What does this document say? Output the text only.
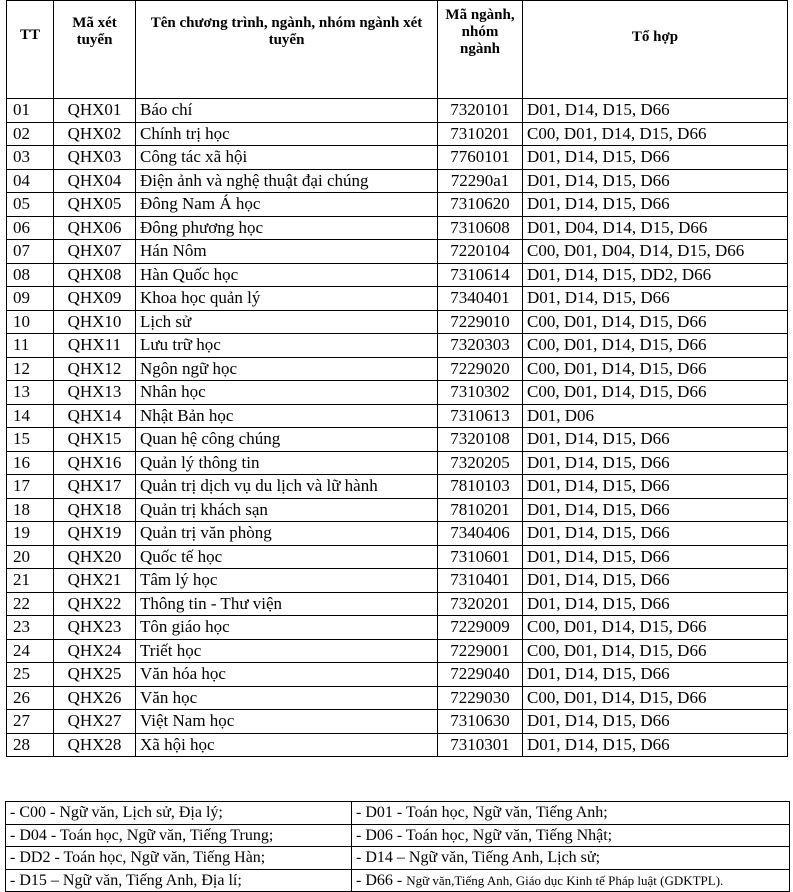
TT	Mã xét tuyển	Tên chương trình, ngành, nhóm ngành xét tuyển	Mã ngành, nhóm ngành	Tổ hợp
01	QHX01	Báo chí	7320101	D01, D14, D15, D66
02	QHX02	Chính trị học	7310201	C00, D01, D14, D15, D66
03	QHX03	Công tác xã hội	7760101	D01, D14, D15, D66
04	QHX04	Điện ảnh và nghệ thuật đại chúng	72290a1	D01, D14, D15, D66
05	QHX05	Đông Nam Á học	7310620	D01, D14, D15, D66
06	QHX06	Đông phương học	7310608	D01, D04, D14, D15, D66
07	QHX07	Hán Nôm	7220104	C00, D01, D04, D14, D15, D66
08	QHX08	Hàn Quốc học	7310614	D01, D14, D15, DD2, D66
09	QHX09	Khoa học quản lý	7340401	D01, D14, D15, D66
10	QHX10	Lịch sử	7229010	C00, D01, D14, D15, D66
11	QHX11	Lưu trữ học	7320303	C00, D01, D14, D15, D66
12	QHX12	Ngôn ngữ học	7229020	C00, D01, D14, D15, D66
13	QHX13	Nhân học	7310302	C00, D01, D14, D15, D66
14	QHX14	Nhật Bản học	7310613	D01, D06
15	QHX15	Quan hệ công chúng	7320108	D01, D14, D15, D66
16	QHX16	Quản lý thông tin	7320205	D01, D14, D15, D66
17	QHX17	Quản trị dịch vụ du lịch và lữ hành	7810103	D01, D14, D15, D66
18	QHX18	Quản trị khách sạn	7810201	D01, D14, D15, D66
19	QHX19	Quản trị văn phòng	7340406	D01, D14, D15, D66
20	QHX20	Quốc tế học	7310601	D01, D14, D15, D66
21	QHX21	Tâm lý học	7310401	D01, D14, D15, D66
22	QHX22	Thông tin - Thư viện	7320201	D01, D14, D15, D66
23	QHX23	Tôn giáo học	7229009	C00, D01, D14, D15, D66
24	QHX24	Triết học	7229001	C00, D01, D14, D15, D66
25	QHX25	Văn hóa học	7229040	D01, D14, D15, D66
26	QHX26	Văn học	7229030	C00, D01, D14, D15, D66
27	QHX27	Việt Nam học	7310630	D01, D14, D15, D66
28	QHX28	Xã hội học	7310301	D01, D14, D15, D66
- C00 - Ngữ văn, Lịch sử, Địa lý;	- D01 - Toán học, Ngữ văn, Tiếng Anh;
- D04 - Toán học, Ngữ văn, Tiếng Trung;	- D06 - Toán học, Ngữ văn, Tiếng Nhật;
- DD2 - Toán học, Ngữ văn, Tiếng Hàn;	- D14 – Ngữ văn, Tiếng Anh, Lịch sử;
- D15 – Ngữ văn, Tiếng Anh, Địa lí;	- D66 - Ngữ văn,Tiếng Anh, Giáo dục Kinh tế Pháp luật (GDKTPL).
